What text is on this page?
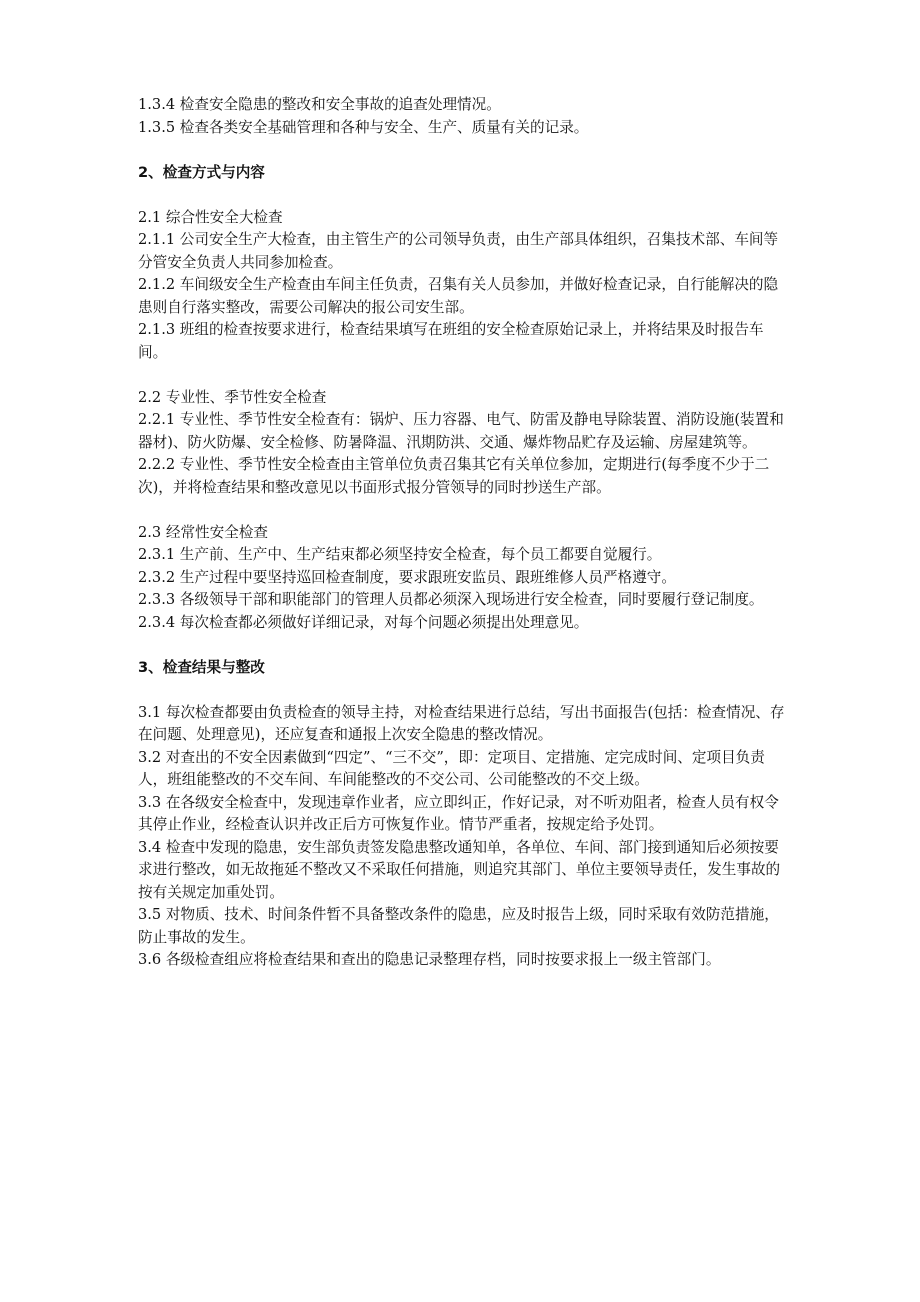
1.3.4 检查安全隐患的整改和安全事故的追查处理情况。

1.3.5 检查各类安全基础管理和各种与安全、生产、质量有关的记录。

2、检查方式与内容

2.1 综合性安全大检查

2.1.1 公司安全生产大检查，由主管生产的公司领导负责，由生产部具体组织，召集技术部、车间等分管安全负责人共同参加检查。

2.1.2 车间级安全生产检查由车间主任负责，召集有关人员参加，并做好检查记录，自行能解决的隐患则自行落实整改，需要公司解决的报公司安生部。

2.1.3 班组的检查按要求进行，检查结果填写在班组的安全检查原始记录上，并将结果及时报告车间。

2.2 专业性、季节性安全检查

2.2.1 专业性、季节性安全检查有：锅炉、压力容器、电气、防雷及静电导除装置、消防设施(装置和器材)、防火防爆、安全检修、防暑降温、汛期防洪、交通、爆炸物品贮存及运输、房屋建筑等。

2.2.2 专业性、季节性安全检查由主管单位负责召集其它有关单位参加，定期进行(每季度不少于二次)，并将检查结果和整改意见以书面形式报分管领导的同时抄送生产部。

2.3 经常性安全检查

2.3.1 生产前、生产中、生产结束都必须坚持安全检查，每个员工都要自觉履行。

2.3.2 生产过程中要坚持巡回检查制度，要求跟班安监员、跟班维修人员严格遵守。

2.3.3 各级领导干部和职能部门的管理人员都必须深入现场进行安全检查，同时要履行登记制度。

2.3.4 每次检查都必须做好详细记录，对每个问题必须提出处理意见。

3、检查结果与整改

3.1 每次检查都要由负责检查的领导主持，对检查结果进行总结，写出书面报告(包括：检查情况、存在问题、处理意见)，还应复查和通报上次安全隐患的整改情况。

3.2 对查出的不安全因素做到“四定”、“三不交”，即：定项目、定措施、定完成时间、定项目负责人，班组能整改的不交车间、车间能整改的不交公司、公司能整改的不交上级。

3.3 在各级安全检查中，发现违章作业者，应立即纠正，作好记录，对不听劝阻者，检查人员有权令其停止作业，经检查认识并改正后方可恢复作业。情节严重者，按规定给予处罚。

3.4 检查中发现的隐患，安生部负责签发隐患整改通知单，各单位、车间、部门接到通知后必须按要求进行整改，如无故拖延不整改又不采取任何措施，则追究其部门、单位主要领导责任，发生事故的按有关规定加重处罚。

3.5 对物质、技术、时间条件暂不具备整改条件的隐患，应及时报告上级，同时采取有效防范措施，防止事故的发生。

3.6 各级检查组应将检查结果和查出的隐患记录整理存档，同时按要求报上一级主管部门。
